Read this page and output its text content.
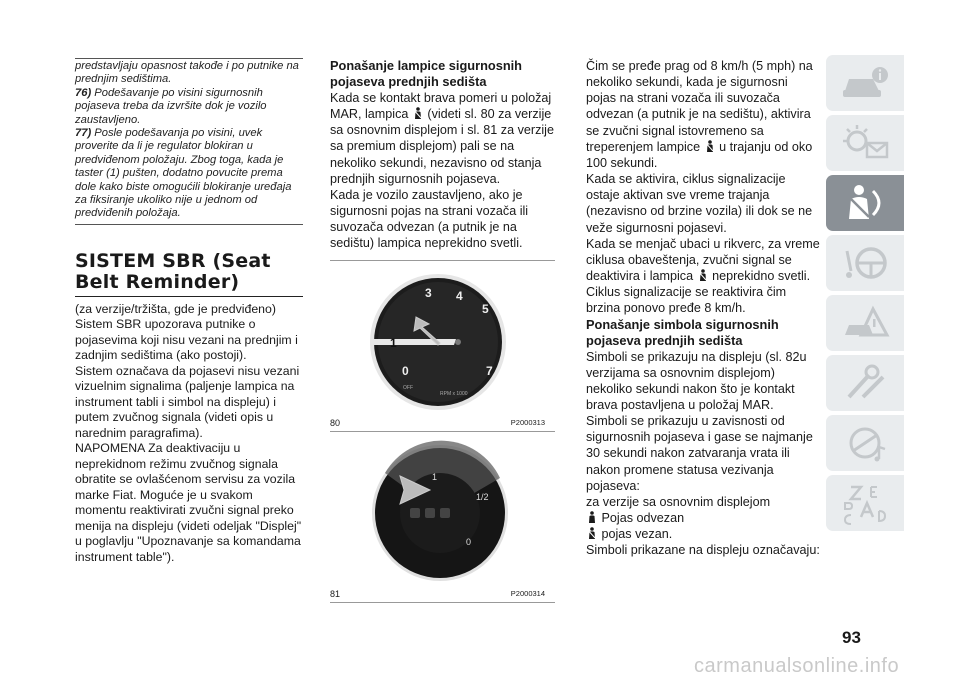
predstavljaju opasnost takođe i po putnike na prednjim sedištima.

76) Podešavanje po visini sigurnosnih pojaseva treba da izvršite dok je vozilo zaustavljeno.

77) Posle podešavanja po visini, uvek proverite da li je regulator blokiran u predviđenom položaju. Zbog toga, kada je taster (1) pušten, dodatno povucite prema dole kako biste omogućili blokiranje uređaja za fiksiranje ukoliko nije u jednom od predviđenih položaja.

SISTEM SBR (Seat Belt Reminder)

(za verzije/tržišta, gde je predviđeno)

Sistem SBR upozorava putnike o pojasevima koji nisu vezani na prednjim i zadnjim sedištima (ako postoji).

Sistem označava da pojasevi nisu vezani vizuelnim signalima (paljenje lampica na instrument tabli i simbol na displeju) i putem zvučnog signala (videti opis u narednim paragrafima).

NAPOMENA Za deaktivaciju u neprekidnom režimu zvučnog signala obratite se ovlašćenom servisu za vozila marke Fiat. Moguće je u svakom momentu reaktivirati zvučni signal preko menija na displeju (videti odeljak "Displej" u poglavlju "Upoznavanje sa komandama instrument table").

Ponašanje lampice sigurnosnih pojaseva prednjih sedišta

Kada se kontakt brava pomeri u položaj MAR, lampica (videti sl. 80 za verzije sa osnovnim displejom i sl. 81 za verzije sa premium displejom) pali se na nekoliko sekundi, nezavisno od stanja prednjih sigurnosnih pojaseva.

Kada je vozilo zaustavljeno, ako je sigurnosni pojas na strani vozača ili suvozača odvezan (a putnik je na sedištu) lampica neprekidno svetli.

3 4
5
1
0	7
OFF
RPM x 1000
80	P2000313
1
1/2
0
81	P2000314

Čim se pređe prag od 8 km/h (5 mph) na nekoliko sekundi, kada je sigurnosni pojas na strani vozača ili suvozača odvezan (a putnik je na sedištu), aktivira se zvučni signal istovremeno sa treperenjem lampice u trajanju od oko 100 sekundi.

Kada se aktivira, ciklus signalizacije ostaje aktivan sve vreme trajanja (nezavisno od brzine vozila) ili dok se ne veže sigurnosni pojasevi.

Kada se menjač ubaci u rikverc, za vreme ciklusa obaveštenja, zvučni signal se deaktivira i lampica neprekidno svetli. Ciklus signalizacije se reaktivira čim brzina ponovo pređe 8 km/h.

Ponašanje simbola sigurnosnih pojaseva prednjih sedišta

Simboli se prikazuju na displeju (sl. 82u verzijama sa osnovnim displejom) nekoliko sekundi nakon što je kontakt brava postavljena u položaj MAR.

Simboli se prikazuju u zavisnosti od sigurnosnih pojaseva i gase se najmanje 30 sekundi nakon zatvaranja vrata ili nakon promene statusa vezivanja pojaseva:

za verzije sa osnovnim displejom

Pojas odvezan

pojas vezan.

Simboli prikazane na displeju označavaju:

93
carmanualsonline.info
